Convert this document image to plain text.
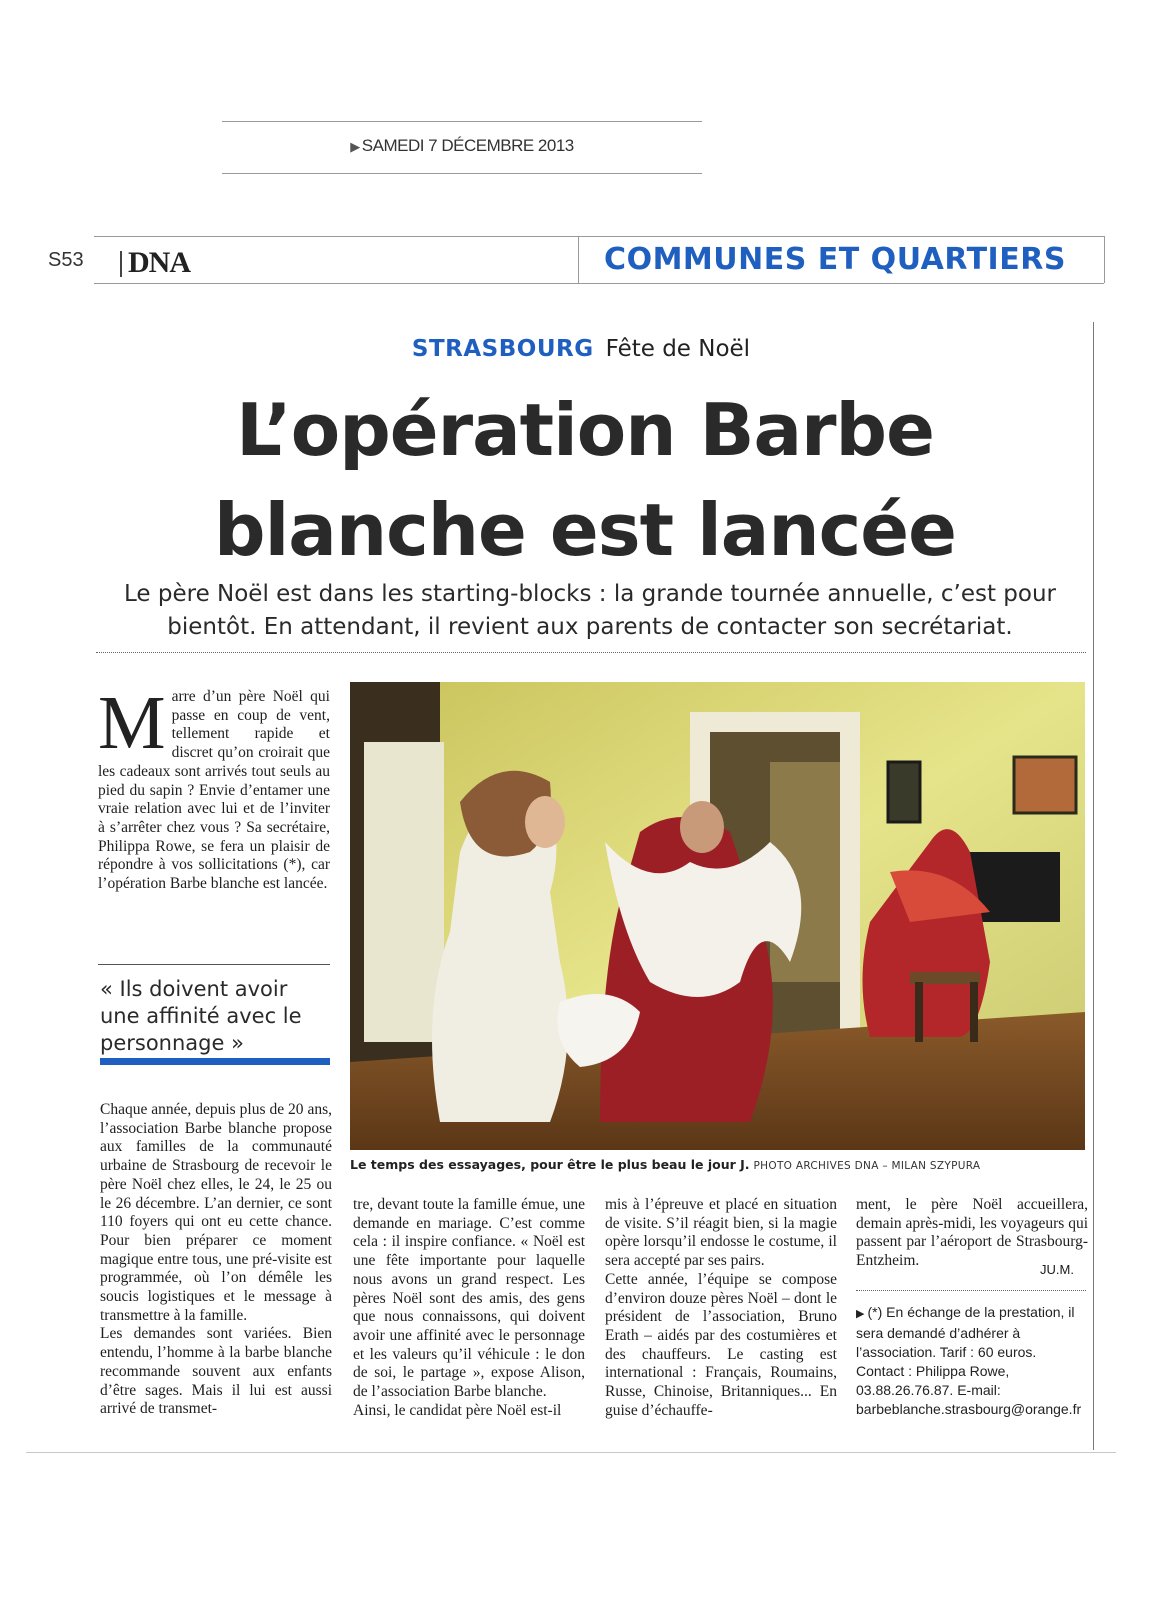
▶ SAMEDI 7 DÉCEMBRE 2013
S53 DNA	COMMUNES ET QUARTIERS
STRASBOURG Fête de Noël
L’opération Barbe blanche est lancée
Le père Noël est dans les starting-blocks : la grande tournée annuelle, c’est pour bientôt. En attendant, il revient aux parents de contacter son secrétariat.
Marre d’un père Noël qui passe en coup de vent, tellement rapide et discret qu’on croirait que les cadeaux sont arrivés tout seuls au pied du sapin ? Envie d’entamer une vraie relation avec lui et de l’inviter à s’arrêter chez vous ? Sa secrétaire, Philippa Rowe, se fera un plaisir de répondre à vos sollicitations (*), car l’opération Barbe blanche est lancée.
« Ils doivent avoir une affinité avec le personnage »
Le temps des essayages, pour être le plus beau le jour J. PHOTO ARCHIVES DNA – MILAN SZYPURA

Chaque année, depuis plus de 20 ans, l’association Barbe blanche propose aux familles de la communauté urbaine de Strasbourg de recevoir le père Noël chez elles, le 24, le 25 ou le 26 décembre. L’an dernier, ce sont 110 foyers qui ont eu cette chance. Pour bien préparer ce moment magique entre tous, une pré-visite est programmée, où l’on démêle les soucis logistiques et le message à transmettre à la famille.

Les demandes sont variées. Bien entendu, l’homme à la barbe blanche recommande souvent aux enfants d’être sages. Mais il lui est aussi arrivé de transmet-

tre, devant toute la famille émue, une demande en mariage. C’est comme cela : il inspire confiance. « Noël est une fête importante pour laquelle nous avons un grand respect. Les pères Noël sont des amis, des gens que nous connaissons, qui doivent avoir une affinité avec le personnage et les valeurs qu’il véhicule : le don de soi, le partage », expose Alison, de l’association Barbe blanche.

Ainsi, le candidat père Noël est-il

mis à l’épreuve et placé en situation de visite. S’il réagit bien, si la magie opère lorsqu’il endosse le costume, il sera accepté par ses pairs.

Cette année, l’équipe se compose d’environ douze pères Noël – dont le président de l’association, Bruno Erath – aidés par des costumières et des chauffeurs. Le casting est international : Français, Roumains, Russe, Chinoise, Britanniques... En guise d’échauffe-

ment, le père Noël accueillera, demain après-midi, les voyageurs qui passent par l’aéroport de Strasbourg-Entzheim.

JU.M.
▶ (*) En échange de la prestation, il sera demandé d’adhérer à l’association. Tarif : 60 euros. Contact : Philippa Rowe, 03.88.26.76.87. E-mail: barbeblanche.strasbourg@orange.fr
